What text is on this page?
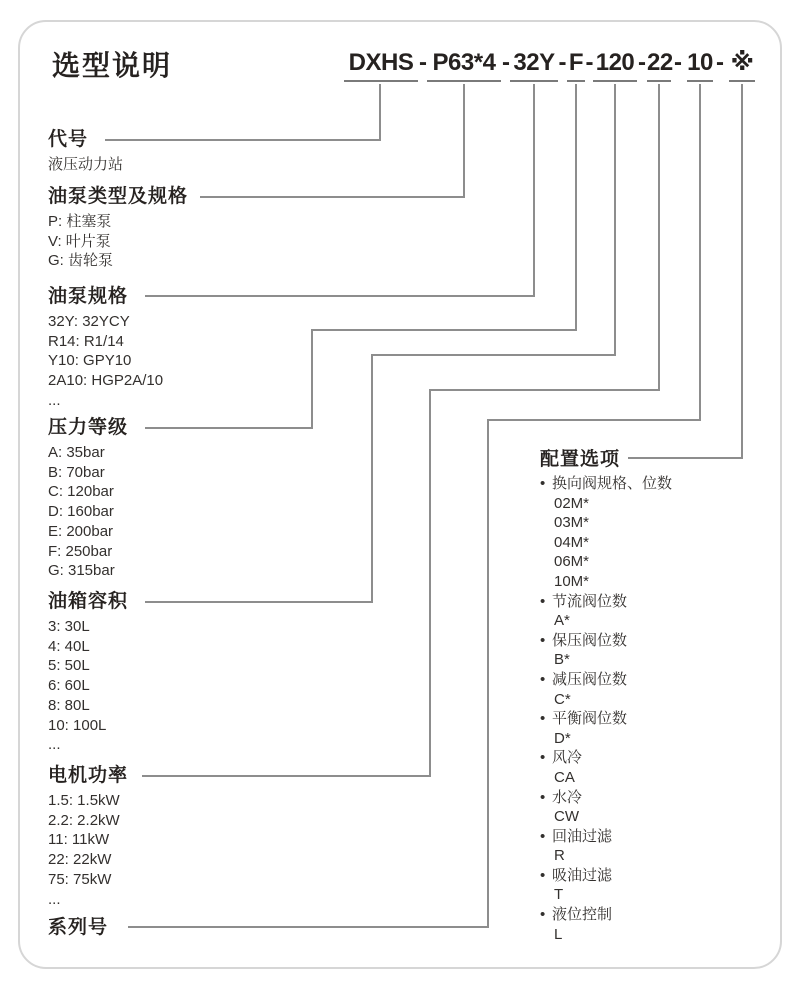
选型说明	DXHS - P63*4 - 32Y - F - 120 - 22 - 10 - ※
代号
液压动力站
油泵类型及规格
P: 柱塞泵
V: 叶片泵
G: 齿轮泵
油泵规格
32Y: 32YCY
R14: R1/14
Y10: GPY10
2A10: HGP2A/10
...
压力等级
A: 35bar
B: 70bar
C: 120bar
D: 160bar
E: 200bar
F: 250bar
G: 315bar
油箱容积
3: 30L
4: 40L
5: 50L
6: 60L
8: 80L
10: 100L
...
电机功率
1.5: 1.5kW
2.2: 2.2kW
11: 11kW
22: 22kW
75: 75kW
...
系列号
配置选项
• 换向阀规格、位数
02M*
03M*
04M*
06M*
10M*
• 节流阀位数
A*
• 保压阀位数
B*
• 减压阀位数
C*
• 平衡阀位数
D*
• 风冷
CA
• 水冷
CW
• 回油过滤
R
• 吸油过滤
T
• 液位控制
L
